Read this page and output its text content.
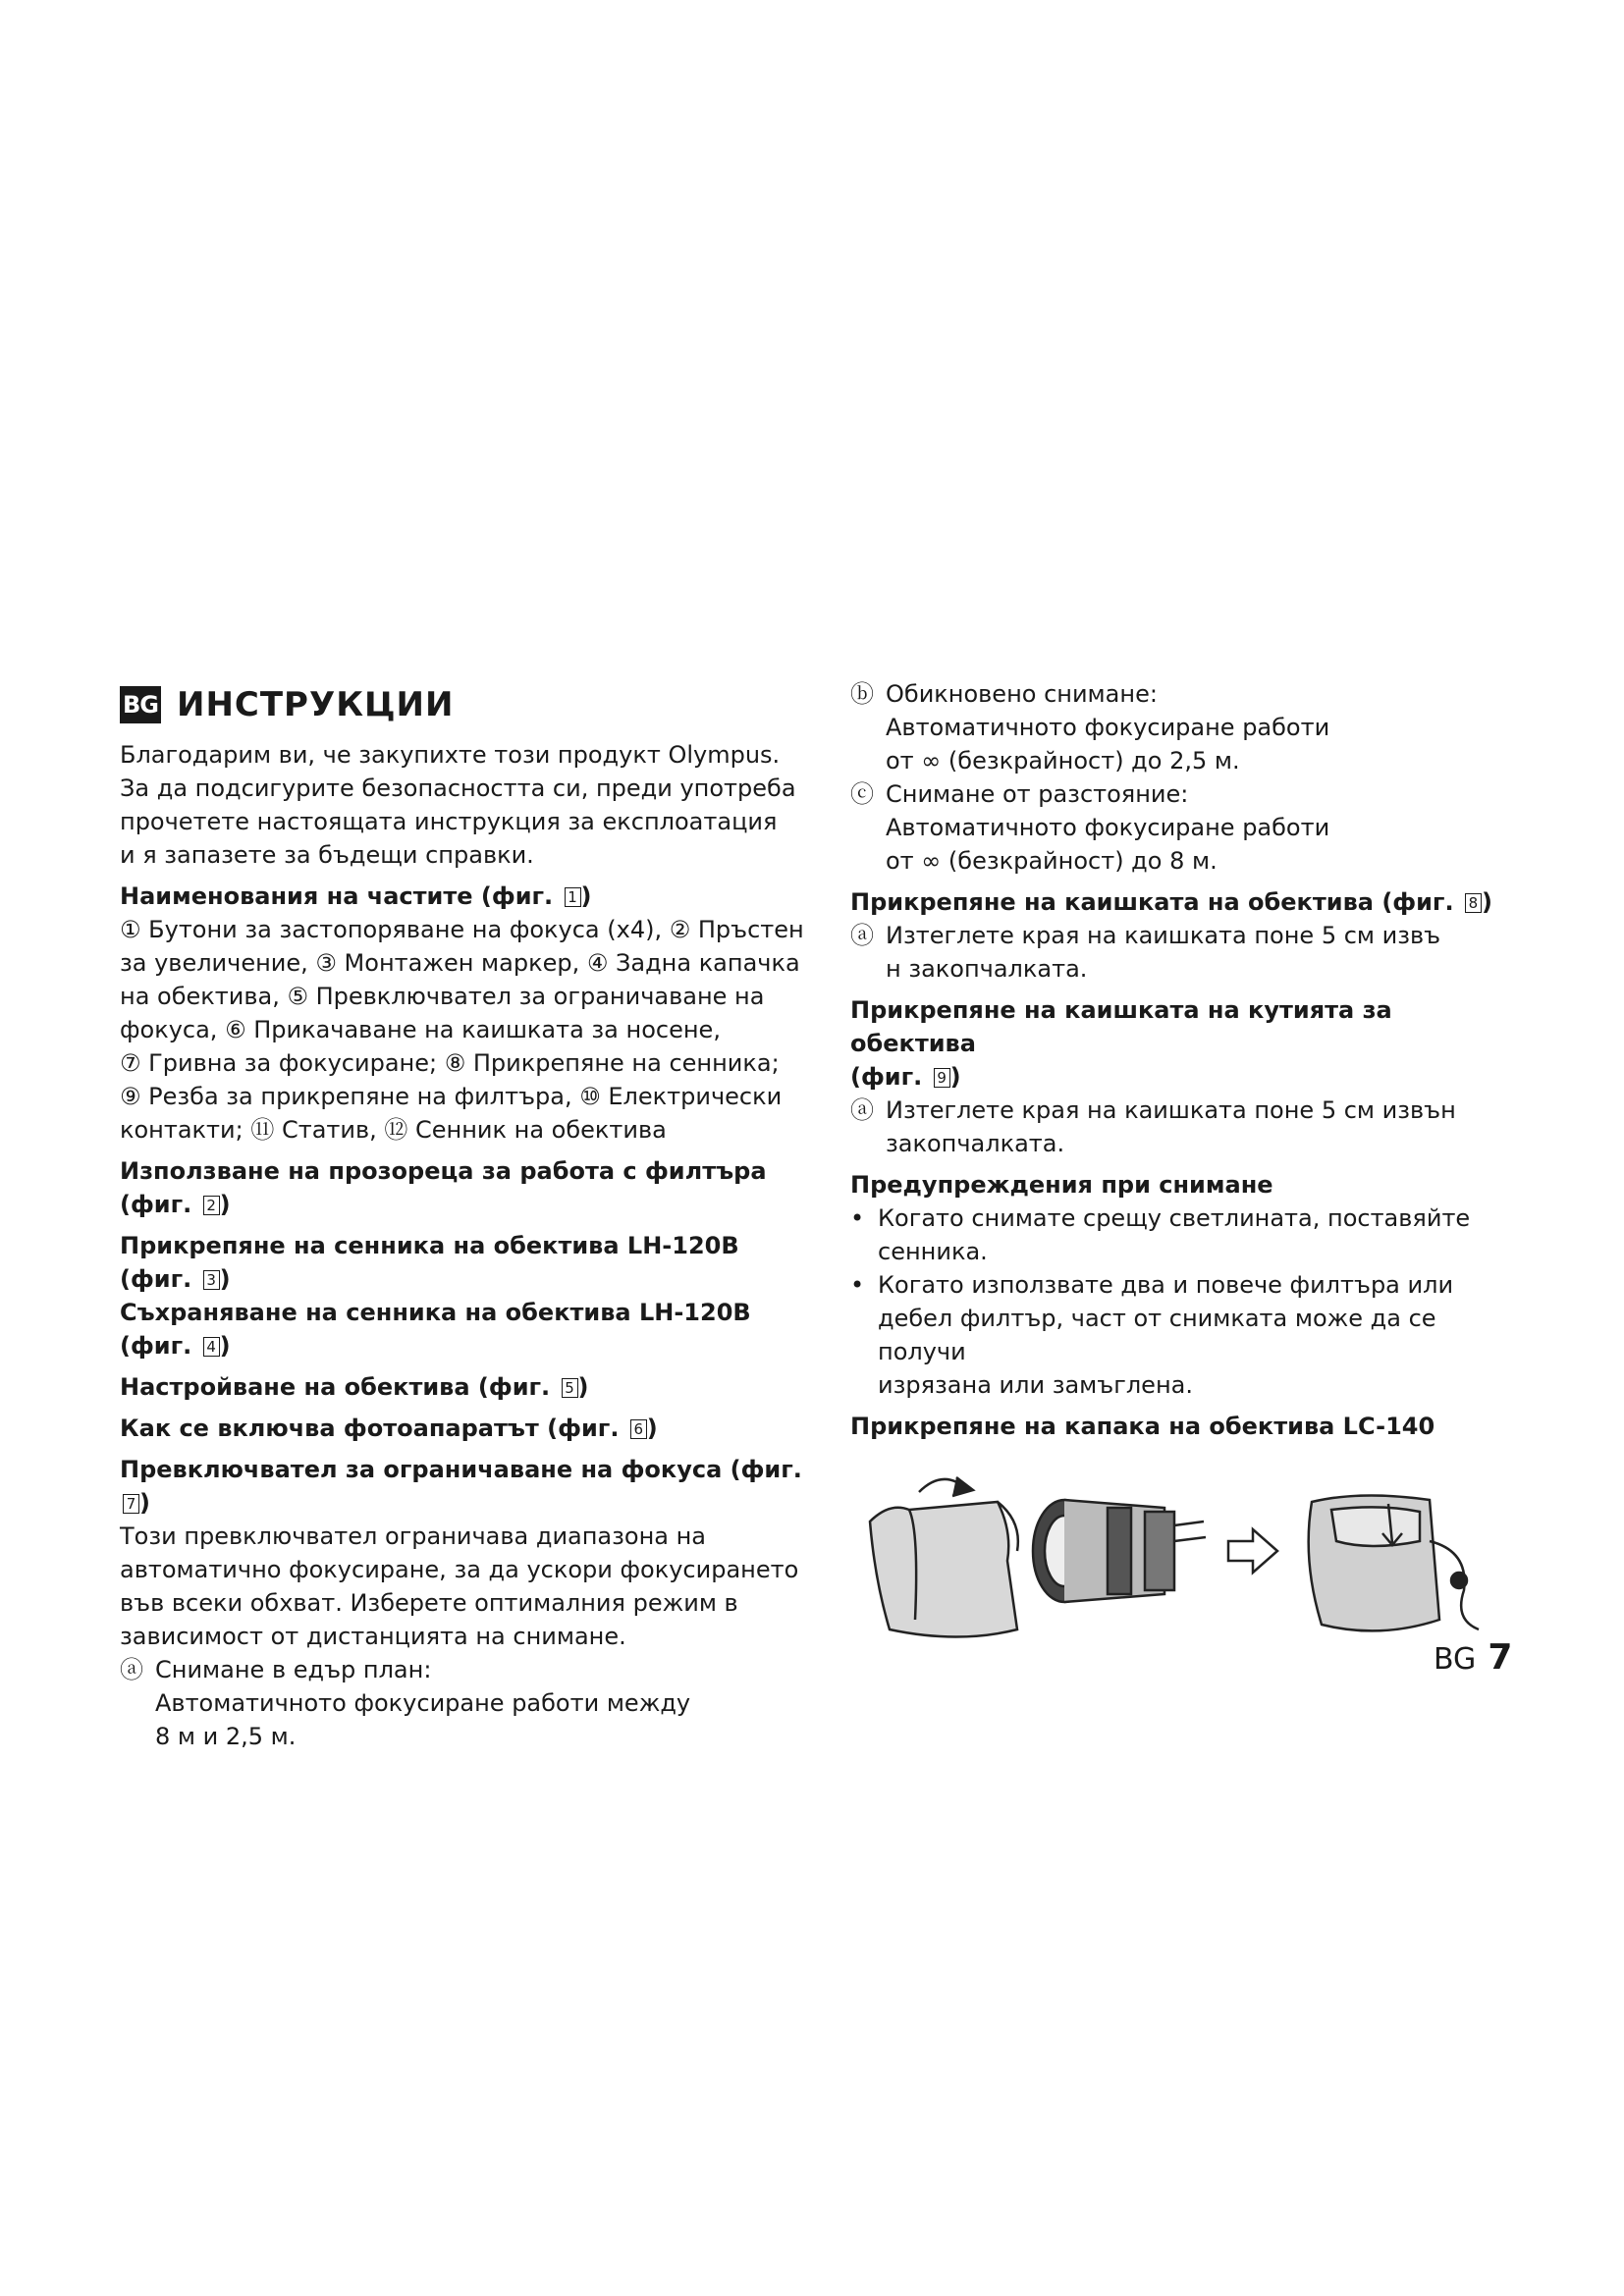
BG ИНСТРУКЦИИ

Благодарим ви, че закупихте този продукт Olympus.

За да подсигурите безопасността си, преди употреба

прочетете настоящата инструкция за експлоатация

и я запазете за бъдещи справки.

Наименования на частите (фиг. 1 )

① Бутони за застопоряване на фокуса (x4), ② Пръстен

за увеличение, ③ Монтажен маркер, ④ Задна капачка

на обектива, ⑤ Превключвател за ограничаване на

фокуса, ⑥ Прикачаване на каишката за носене,

⑦ Гривна за фокусиране; ⑧ Прикрепяне на сенника;

⑨ Резба за прикрепяне на филтъра, ⑩ Електрически

контакти; ⑪ Статив, ⑫ Сенник на обектива

Използване на прозореца за работа с филтъра (фиг. 2 )

Прикрепяне на сенника на обектива LH-120B (фиг. 3 )

Съхраняване на сенника на обектива LH-120B (фиг. 4 )

Настройване на обектива (фиг. 5 )

Как се включва фотоапаратът (фиг. 6 )

Превключвател за ограничаване на фокуса (фиг. 7 )

Този превключвател ограничава диапазона на

автоматично фокусиране, за да ускори фокусирането

във всеки обхват. Изберете оптималния режим в

зависимост от дистанцията на снимане.

ⓐ Снимане в едър план:

Автоматичното фокусиране работи между

8 м и 2,5 м.

ⓑ Обикновено снимане:

Автоматичното фокусиране работи

от ∞ (безкрайност) до 2,5 м.

ⓒ Снимане от разстояние:

Автоматичното фокусиране работи

от ∞ (безкрайност) до 8 м.

Прикрепяне на каишката на обектива (фиг. 8 )

ⓐ Изтеглете края на каишката поне 5 см извъ

н закопчалката.

Прикрепяне на каишката на кутията за обектива

(фиг. 9 )

ⓐ Изтеглете края на каишката поне 5 см извън

закопчалката.

Предупреждения при снимане

• Когато снимате срещу светлината, поставяйте

сенника.

• Когато използвате два и повече филтъра или

дебел филтър, част от снимката може да се получи

изрязана или замъглена.

Прикрепяне на капака на обектива LC-140

BG 7
